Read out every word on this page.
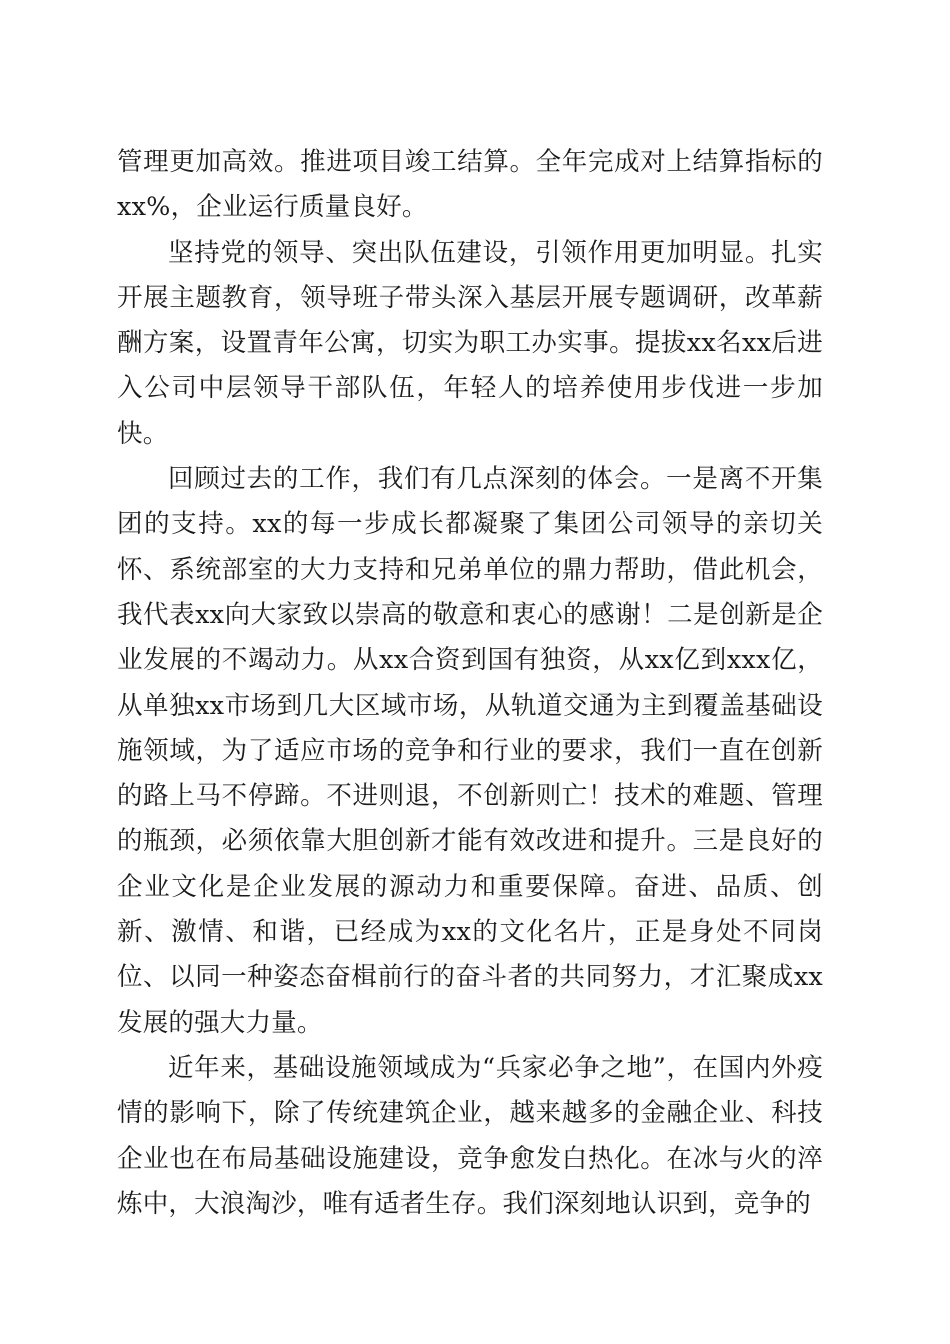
管理更加高效。推进项目竣工结算。全年完成对上结算指标的xx%，企业运行质量良好。

坚持党的领导、突出队伍建设，引领作用更加明显。扎实开展主题教育，领导班子带头深入基层开展专题调研，改革薪酬方案，设置青年公寓，切实为职工办实事。提拔xx名xx后进入公司中层领导干部队伍，年轻人的培养使用步伐进一步加快。

回顾过去的工作，我们有几点深刻的体会。一是离不开集团的支持。xx的每一步成长都凝聚了集团公司领导的亲切关怀、系统部室的大力支持和兄弟单位的鼎力帮助，借此机会，我代表xx向大家致以崇高的敬意和衷心的感谢！二是创新是企业发展的不竭动力。从xx合资到国有独资，从xx亿到xxx亿，从单独xx市场到几大区域市场，从轨道交通为主到覆盖基础设施领域，为了适应市场的竞争和行业的要求，我们一直在创新的路上马不停蹄。不进则退，不创新则亡！技术的难题、管理的瓶颈，必须依靠大胆创新才能有效改进和提升。三是良好的企业文化是企业发展的源动力和重要保障。奋进、品质、创新、激情、和谐，已经成为xx的文化名片，正是身处不同岗位、以同一种姿态奋楫前行的奋斗者的共同努力，才汇聚成xx发展的强大力量。

近年来，基础设施领域成为“兵家必争之地”，在国内外疫情的影响下，除了传统建筑企业，越来越多的金融企业、科技企业也在布局基础设施建设，竞争愈发白热化。在冰与火的淬炼中，大浪淘沙，唯有适者生存。我们深刻地认识到，竞争的
